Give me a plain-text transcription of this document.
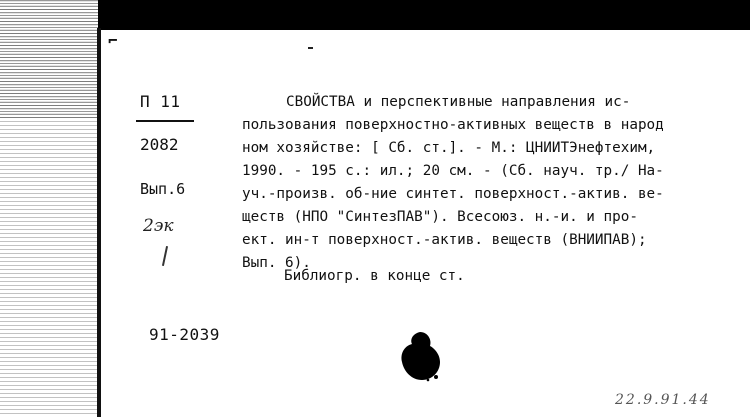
⌐
П 11
2082
Вып.6
2эк
СВОЙСТВА и перспективные направления ис-
пользования поверхностно-активных веществ в народ
ном хозяйстве: [ Сб. ст.]. - М.: ЦНИИТЭнефтехим,
1990. - 195 с.: ил.; 20 см. - (Сб. науч. тр./ На-
уч.-произв. об-ние синтет. поверхност.-актив. ве-
ществ (НПО "СинтезПАВ"). Всесоюз. н.-и. и про-
ект. ин-т поверхност.-актив. веществ (ВНИИПАВ);
Вып. 6).
Библиогр. в конце ст.
91-2039
22.9.91.44
